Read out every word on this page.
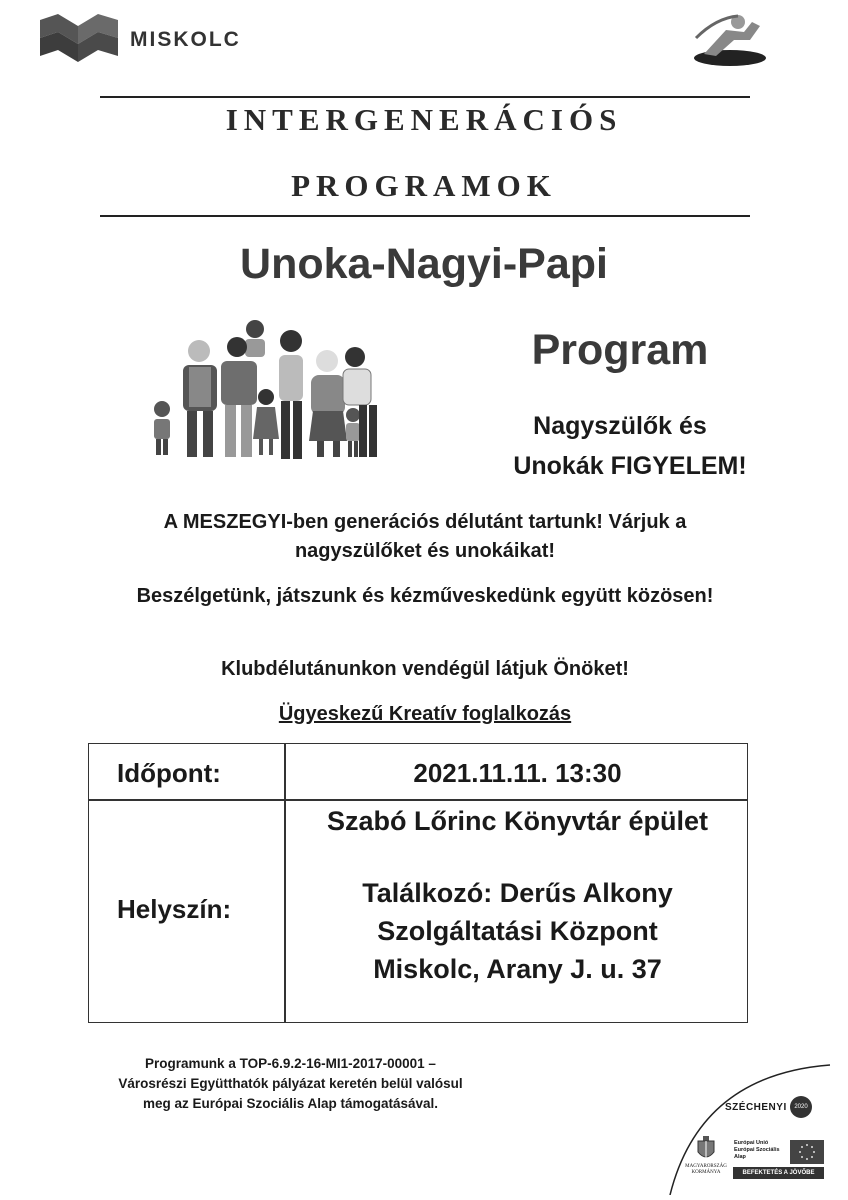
MISKOLC
INTERGENERÁCIÓS
PROGRAMOK
Unoka-Nagyi-Papi
Program
Nagyszülők és
Unokák FIGYELEM!
A MESZEGYI-ben generációs délutánt tartunk! Várjuk a nagyszülőket és unokáikat!
Beszélgetünk, játszunk és kézműveskedünk együtt közösen!
Klubdélutánunkon vendégül látjuk Önöket!
Ügyeskezű Kreatív foglalkozás
Időpont:	2021.11.11. 13:30
Helyszín:
Szabó Lőrinc Könyvtár épület
Találkozó: Derűs Alkony
Szolgáltatási Központ
Miskolc, Arany J. u. 37
Programunk a TOP-6.9.2-16-MI1-2017-00001 –
Városrészi Együtthatók pályázat keretén belül valósul
meg az Európai Szociális Alap támogatásával.	SZÉCHENYI	2020
MAGYARORSZÁG
KORMÁNYA
Európai Unió
Európai Szociális
Alap
BEFEKTETÉS A JÖVŐBE
